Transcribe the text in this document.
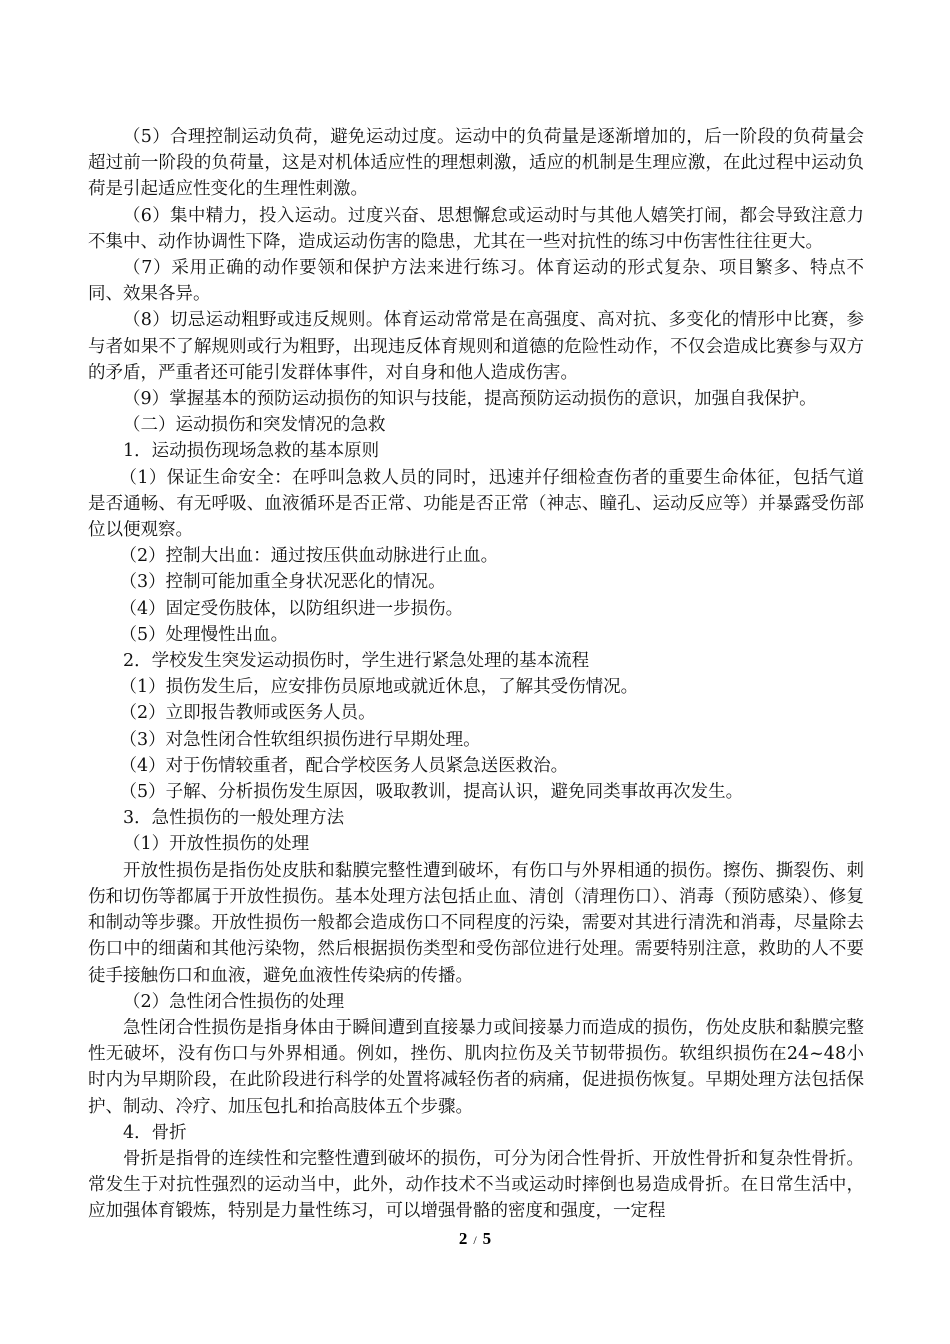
（5）合理控制运动负荷，避免运动过度。运动中的负荷量是逐渐增加的，后一阶段的负荷量会超过前一阶段的负荷量，这是对机体适应性的理想刺激，适应的机制是生理应激，在此过程中运动负荷是引起适应性变化的生理性刺激。

（6）集中精力，投入运动。过度兴奋、思想懈怠或运动时与其他人嬉笑打闹，都会导致注意力不集中、动作协调性下降，造成运动伤害的隐患，尤其在一些对抗性的练习中伤害性往往更大。

（7）采用正确的动作要领和保护方法来进行练习。体育运动的形式复杂、项目繁多、特点不同、效果各异。

（8）切忌运动粗野或违反规则。体育运动常常是在高强度、高对抗、多变化的情形中比赛，参与者如果不了解规则或行为粗野，出现违反体育规则和道德的危险性动作，不仅会造成比赛参与双方的矛盾，严重者还可能引发群体事件，对自身和他人造成伤害。

（9）掌握基本的预防运动损伤的知识与技能，提高预防运动损伤的意识，加强自我保护。

（二）运动损伤和突发情况的急救

1．运动损伤现场急救的基本原则

（1）保证生命安全：在呼叫急救人员的同时，迅速并仔细检查伤者的重要生命体征，包括气道是否通畅、有无呼吸、血液循环是否正常、功能是否正常（神志、瞳孔、运动反应等）并暴露受伤部位以便观察。

（2）控制大出血：通过按压供血动脉进行止血。

（3）控制可能加重全身状况恶化的情况。

（4）固定受伤肢体，以防组织进一步损伤。

（5）处理慢性出血。

2．学校发生突发运动损伤时，学生进行紧急处理的基本流程

（1）损伤发生后，应安排伤员原地或就近休息，了解其受伤情况。

（2）立即报告教师或医务人员。

（3）对急性闭合性软组织损伤进行早期处理。

（4）对于伤情较重者，配合学校医务人员紧急送医救治。

（5）子解、分析损伤发生原因，吸取教训，提高认识，避免同类事故再次发生。

3．急性损伤的一般处理方法

（1）开放性损伤的处理

开放性损伤是指伤处皮肤和黏膜完整性遭到破坏，有伤口与外界相通的损伤。擦伤、撕裂伤、刺伤和切伤等都属于开放性损伤。基本处理方法包括止血、清创（清理伤口）、消毒（预防感染）、修复和制动等步骤。开放性损伤一般都会造成伤口不同程度的污染，需要对其进行清洗和消毒，尽量除去伤口中的细菌和其他污染物，然后根据损伤类型和受伤部位进行处理。需要特别注意，救助的人不要徒手接触伤口和血液，避免血液性传染病的传播。

（2）急性闭合性损伤的处理

急性闭合性损伤是指身体由于瞬间遭到直接暴力或间接暴力而造成的损伤，伤处皮肤和黏膜完整性无破坏，没有伤口与外界相通。例如，挫伤、肌肉拉伤及关节韧带损伤。软组织损伤在24~48小时内为早期阶段，在此阶段进行科学的处置将减轻伤者的病痛，促进损伤恢复。早期处理方法包括保护、制动、冷疗、加压包扎和抬高肢体五个步骤。

4．骨折

骨折是指骨的连续性和完整性遭到破坏的损伤，可分为闭合性骨折、开放性骨折和复杂性骨折。常发生于对抗性强烈的运动当中，此外，动作技术不当或运动时摔倒也易造成骨折。在日常生活中，应加强体育锻炼，特别是力量性练习，可以增强骨骼的密度和强度，一定程

2 / 5
